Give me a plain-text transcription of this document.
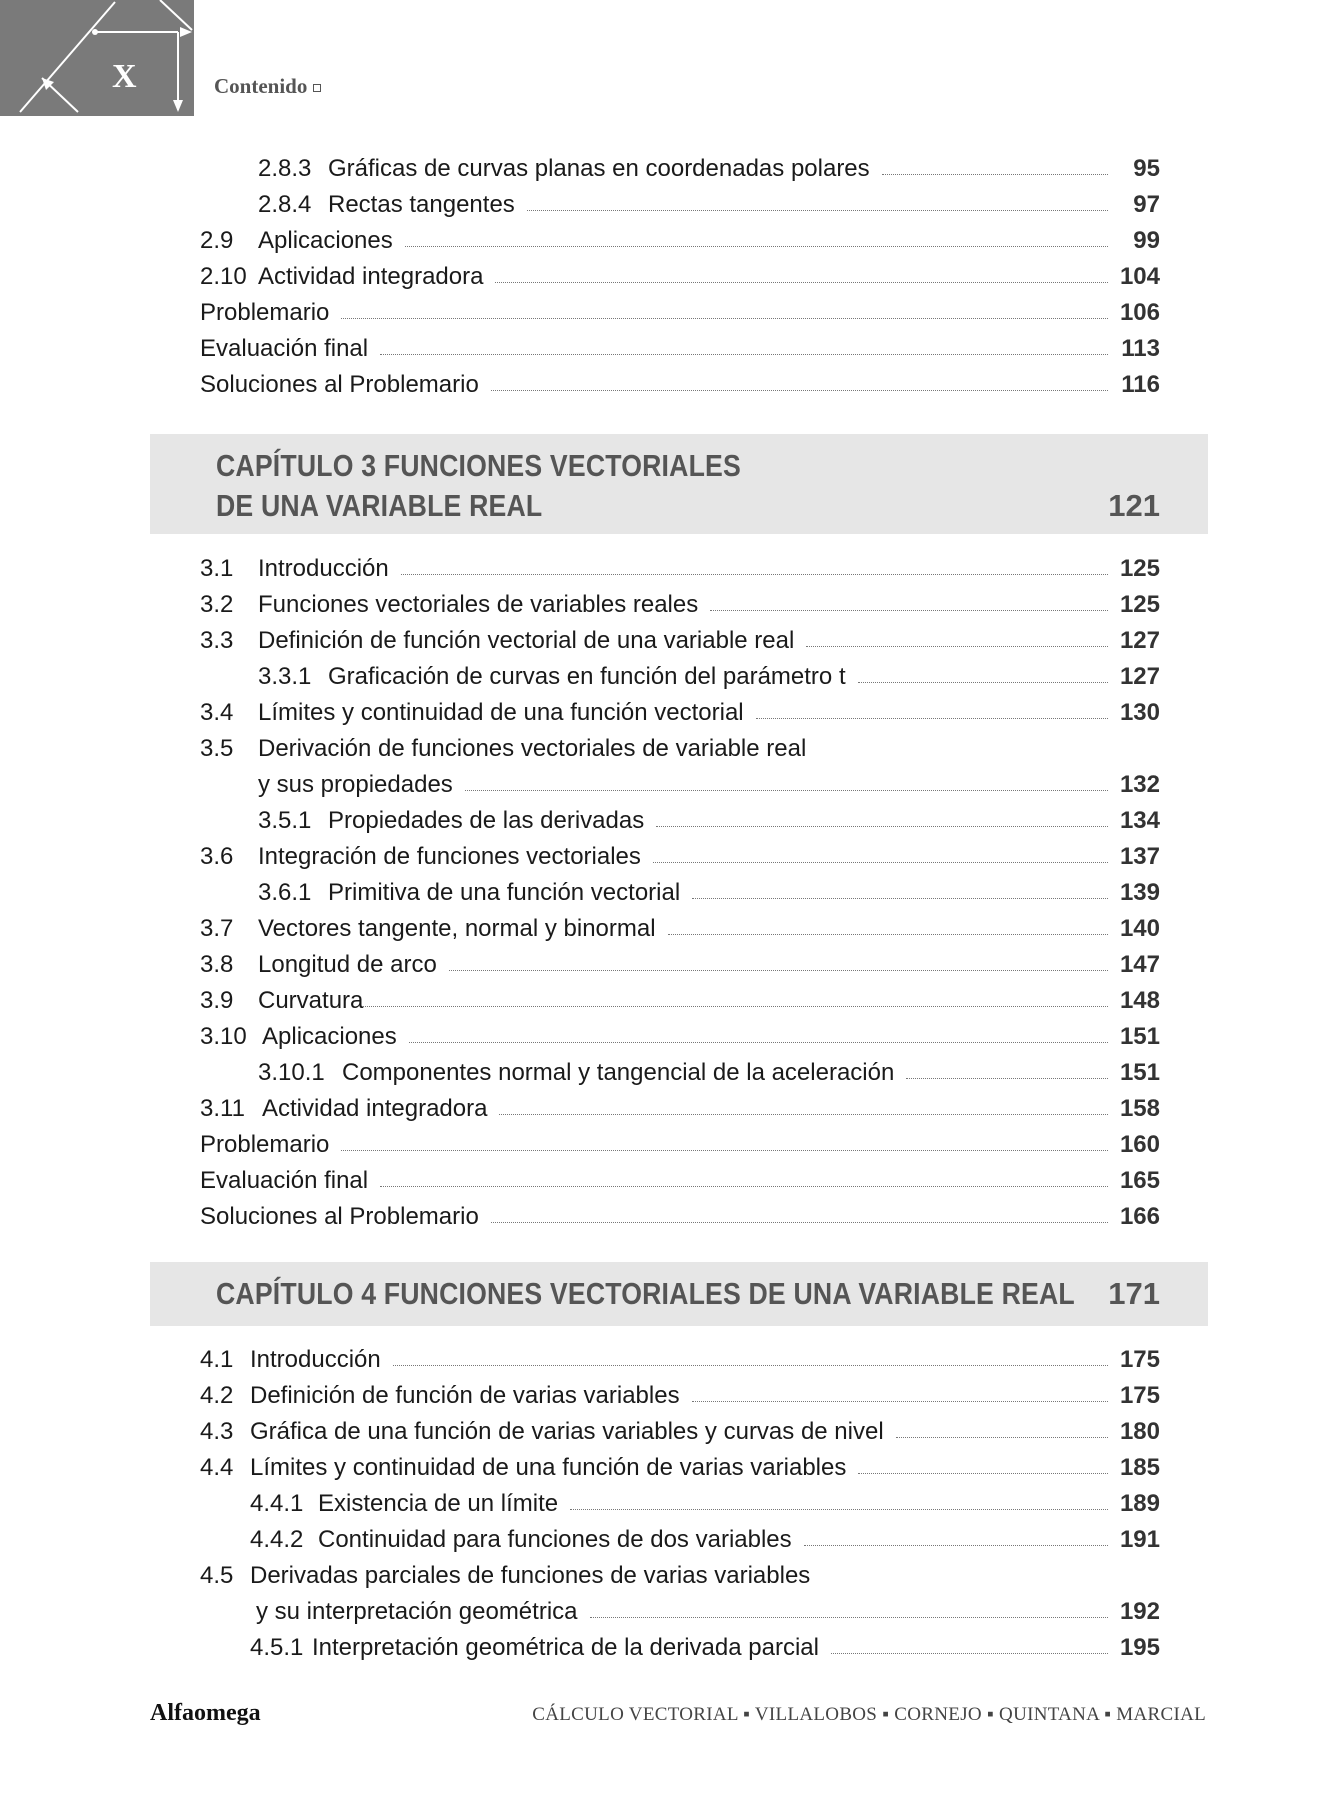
X	Contenido
2.8.3 Gráficas de curvas planas en coordenadas polares	95
2.8.4 Rectas tangentes	97
2.9	Aplicaciones	99
2.10 Actividad integradora	104
Problemario	106
Evaluación final	113
Soluciones al Problemario	116
CAPÍTULO 3 FUNCIONES VECTORIALES
DE UNA VARIABLE REAL	121
3.1	Introducción	125
3.2	Funciones vectoriales de variables reales	125
3.3	Definición de función vectorial de una variable real	127
3.3.1 Graficación de curvas en función del parámetro t	127
3.4	Límites y continuidad de una función vectorial	130
3.5	Derivación de funciones vectoriales de variable real
y sus propiedades	132
3.5.1 Propiedades de las derivadas	134
3.6	Integración de funciones vectoriales	137
3.6.1 Primitiva de una función vectorial	139
3.7	Vectores tangente, normal y binormal	140
3.8	Longitud de arco	147
3.9	Curvatura	148
3.10 Aplicaciones	151
3.10.1 Componentes normal y tangencial de la aceleración	151
3.11 Actividad integradora	158
Problemario	160
Evaluación final	165
Soluciones al Problemario	166
CAPÍTULO 4 FUNCIONES VECTORIALES DE UNA VARIABLE REAL 171
4.1 Introducción	175
4.2 Definición de función de varias variables	175
4.3 Gráfica de una función de varias variables y curvas de nivel	180
4.4 Límites y continuidad de una función de varias variables	185
4.4.1 Existencia de un límite	189
4.4.2 Continuidad para funciones de dos variables	191
4.5 Derivadas parciales de funciones de varias variables
y su interpretación geométrica	192
4.5.1 Interpretación geométrica de la derivada parcial	195
Alfaomega	CÁLCULO VECTORIAL ▪ VILLALOBOS ▪ CORNEJO ▪ QUINTANA ▪ MARCIAL
